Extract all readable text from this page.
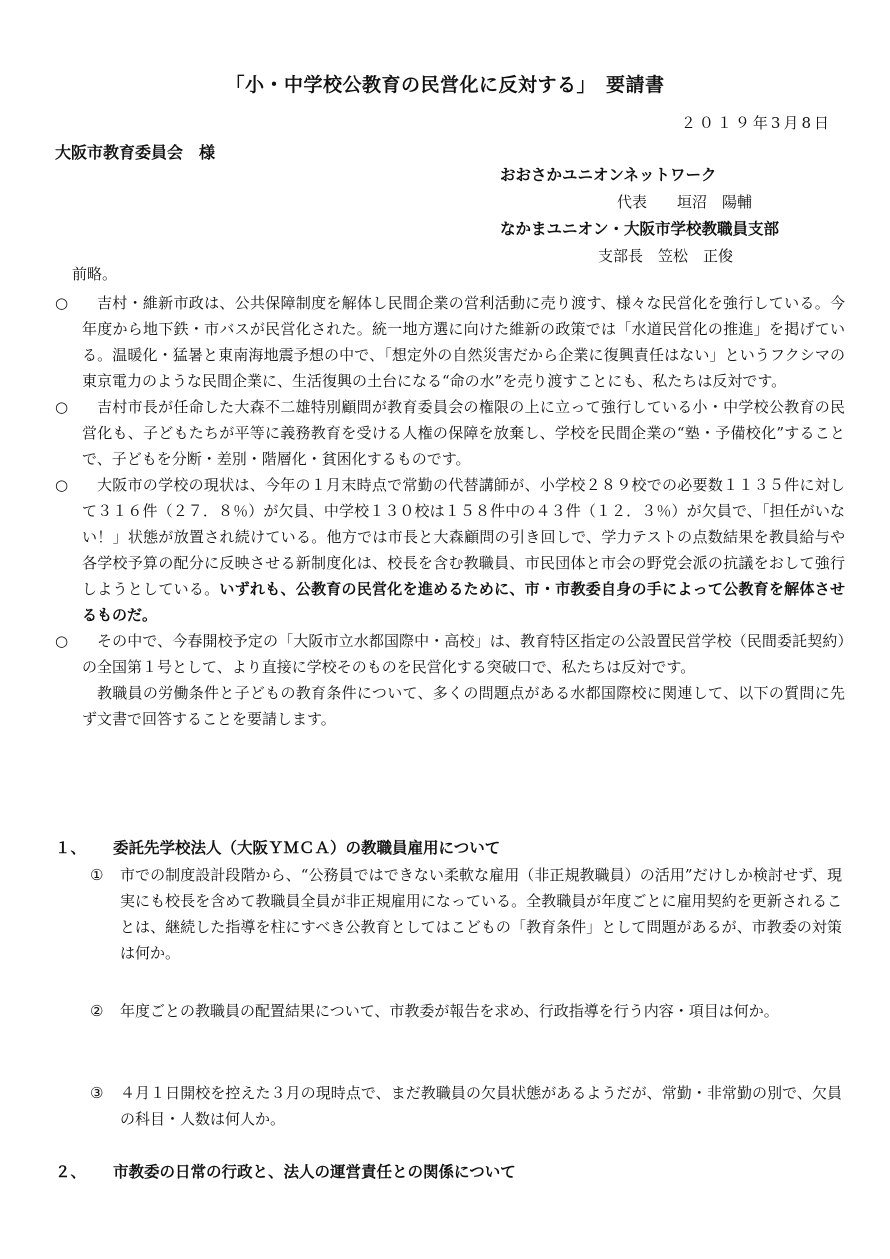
「小・中学校公教育の民営化に反対する」　要請書
２０１９年3月8日
大阪市教育委員会　様
おおさかユニオンネットワーク
代表　　垣沼　陽輔
なかまユニオン・大阪市学校教職員支部
支部長　笠松　正俊
前略。
○	吉村・維新市政は、公共保障制度を解体し民間企業の営利活動に売り渡す、様々な民営化を強行している。今年度から地下鉄・市バスが民営化された。統一地方選に向けた維新の政策では「水道民営化の推進」を掲げている。温暖化・猛暑と東南海地震予想の中で、「想定外の自然災害だから企業に復興責任はない」というフクシマの東京電力のような民間企業に、生活復興の土台になる“命の水”を売り渡すことにも、私たちは反対です。
○	吉村市長が任命した大森不二雄特別顧問が教育委員会の権限の上に立って強行している小・中学校公教育の民営化も、子どもたちが平等に義務教育を受ける人権の保障を放棄し、学校を民間企業の“塾・予備校化”することで、子どもを分断・差別・階層化・貧困化するものです。
○	大阪市の学校の現状は、今年の１月末時点で常勤の代替講師が、小学校２８９校での必要数１１３５件に対して３１６件（２７．８％）が欠員、中学校１３０校は１５８件中の４３件（１２．３％）が欠員で、「担任がいない！」状態が放置され続けている。他方では市長と大森顧問の引き回しで、学力テストの点数結果を教員給与や各学校予算の配分に反映させる新制度化は、校長を含む教職員、市民団体と市会の野党会派の抗議をおして強行しようとしている。いずれも、公教育の民営化を進めるために、市・市教委自身の手によって公教育を解体させるものだ。
○	その中で、今春開校予定の「大阪市立水都国際中・高校」は、教育特区指定の公設置民営学校（民間委託契約）の全国第１号として、より直接に学校そのものを民営化する突破口で、私たちは反対です。

教職員の労働条件と子どもの教育条件について、多くの問題点がある水都国際校に関連して、以下の質問に先ず文書で回答することを要請します。

１、 委託先学校法人（大阪ＹＭＣＡ）の教職員雇用について
①	市での制度設計段階から、“公務員ではできない柔軟な雇用（非正規教職員）の活用”だけしか検討せず、現実にも校長を含めて教職員全員が非正規雇用になっている。全教職員が年度ごとに雇用契約を更新されることは、継続した指導を柱にすべき公教育としてはこどもの「教育条件」として問題があるが、市教委の対策は何か。
②	年度ごとの教職員の配置結果について、市教委が報告を求め、行政指導を行う内容・項目は何か。
③	４月１日開校を控えた３月の現時点で、まだ教職員の欠員状態があるようだが、常勤・非常勤の別で、欠員の科目・人数は何人か。
２、 市教委の日常の行政と、法人の運営責任との関係について
